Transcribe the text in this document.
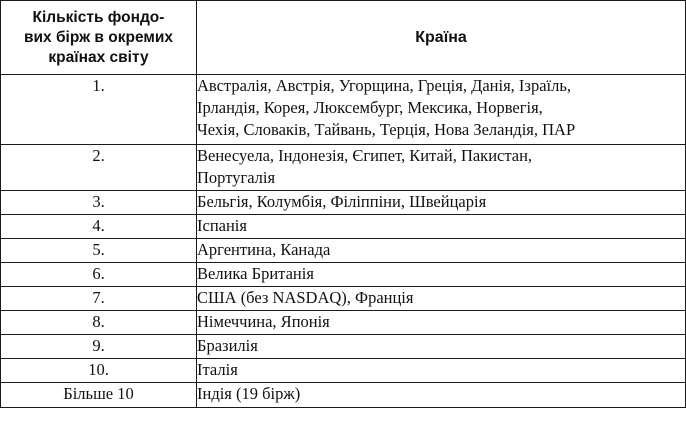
Кількість фондо-
вих бірж в окремих
країнах світу	Країна
1.	Австралія, Австрія, Угорщина, Греція, Данія, Ізраїль,
Ірландія, Корея, Люксембург, Мексика, Норвегія,
Чехія, Словаків, Тайвань, Терція, Нова Зеландія, ПАР

2.	Венесуела, Індонезія, Єгипет, Китай, Пакистан,
Португалія

3.	Бельгія, Колумбія, Філіппіни, Швейцарія
4.	Іспанія
5.	Аргентина, Канада
6.	Велика Британія
7.	США (без NASDAQ), Франція
8.	Німеччина, Японія
9.	Бразилія
10.	Італія
Більше 10	Індія (19 бірж)
